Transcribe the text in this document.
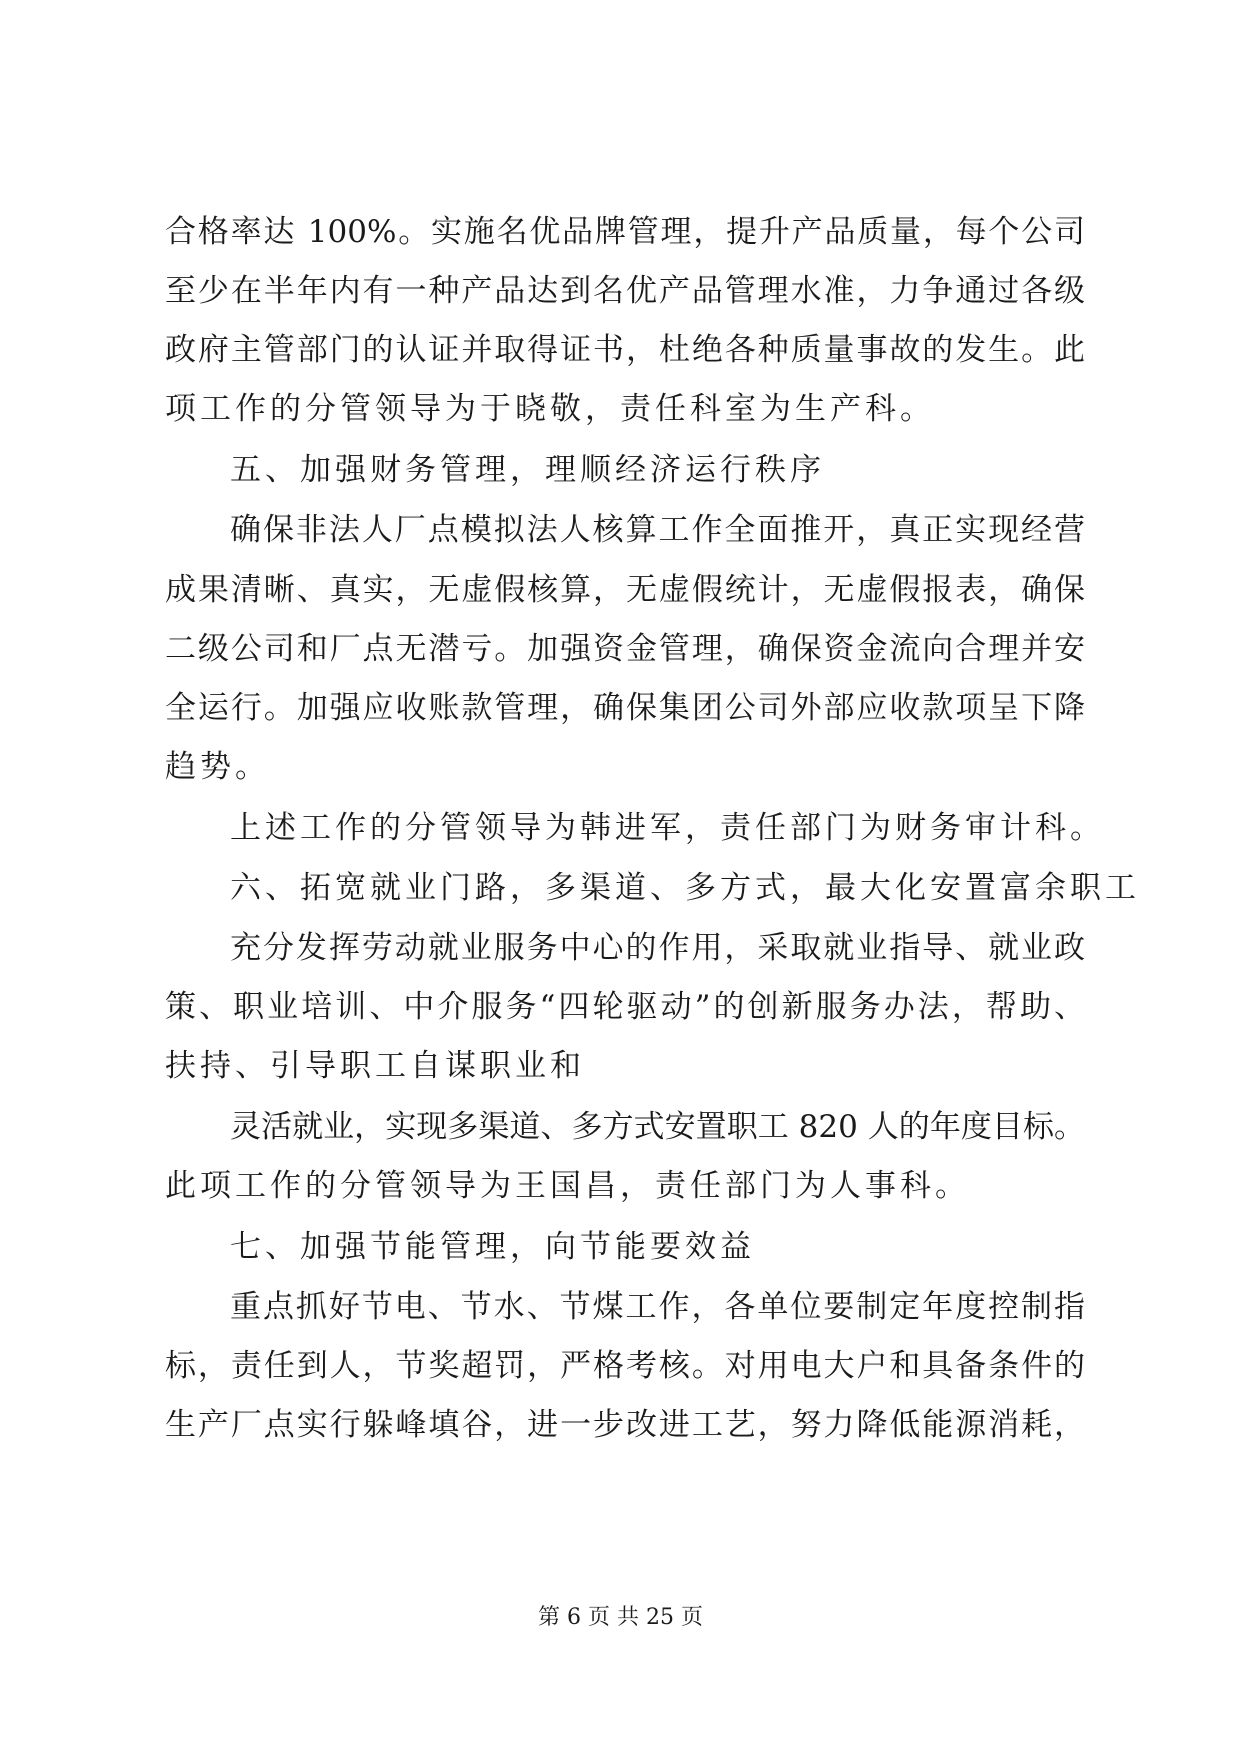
合格率达 100%。实施名优品牌管理，提升产品质量，每个公司

至少在半年内有一种产品达到名优产品管理水准，力争通过各级

政府主管部门的认证并取得证书，杜绝各种质量事故的发生。此

项工作的分管领导为于晓敬，责任科室为生产科。

五、加强财务管理，理顺经济运行秩序

确保非法人厂点模拟法人核算工作全面推开，真正实现经营

成果清晰、真实，无虚假核算，无虚假统计，无虚假报表，确保

二级公司和厂点无潜亏。加强资金管理，确保资金流向合理并安

全运行。加强应收账款管理，确保集团公司外部应收款项呈下降

趋势。

上述工作的分管领导为韩进军，责任部门为财务审计科。

六、拓宽就业门路，多渠道、多方式，最大化安置富余职工

充分发挥劳动就业服务中心的作用，采取就业指导、就业政

策、职业培训、中介服务“四轮驱动”的创新服务办法，帮助、

扶持、引导职工自谋职业和

灵活就业，实现多渠道、多方式安置职工 820 人的年度目标。

此项工作的分管领导为王国昌，责任部门为人事科。

七、加强节能管理，向节能要效益

重点抓好节电、节水、节煤工作，各单位要制定年度控制指

标，责任到人，节奖超罚，严格考核。对用电大户和具备条件的

生产厂点实行躲峰填谷，进一步改进工艺，努力降低能源消耗，

第 6 页 共 25 页
